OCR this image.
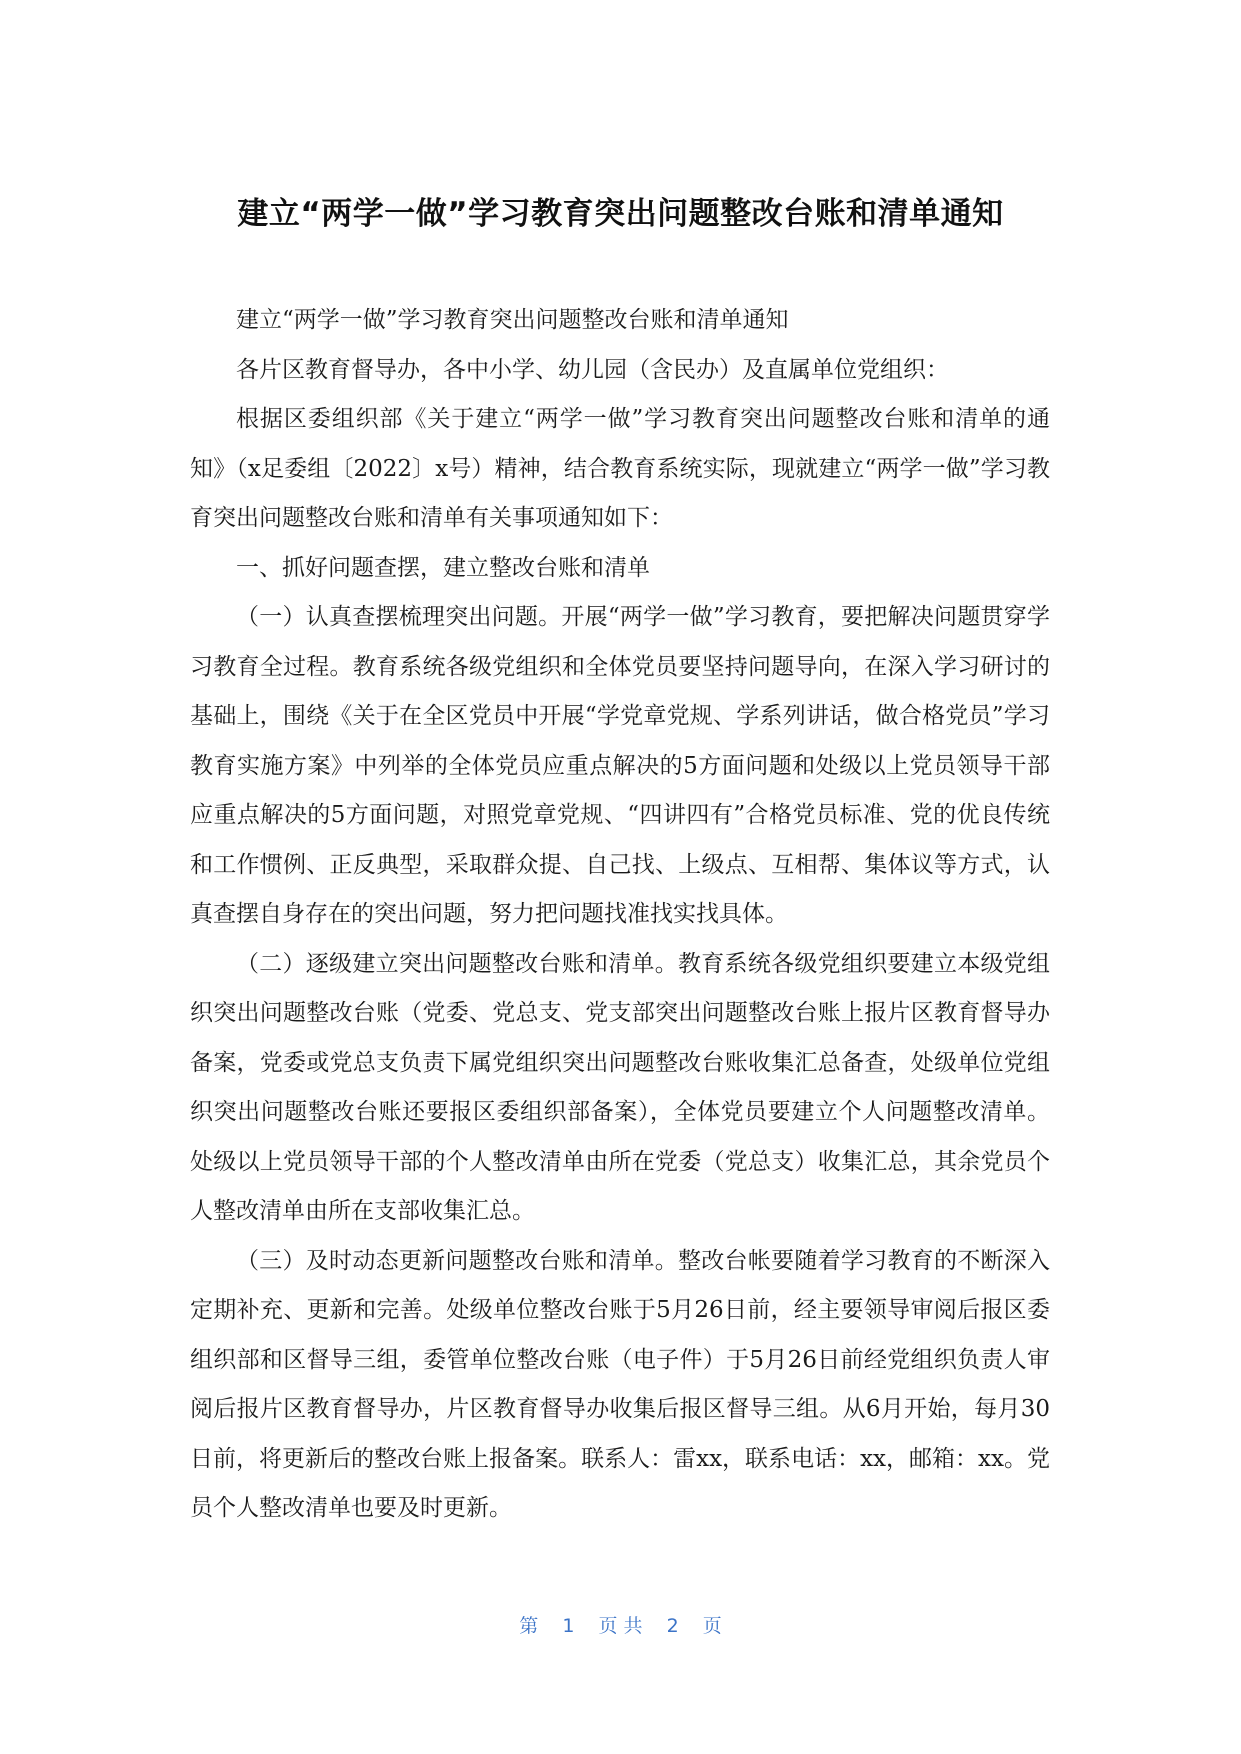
建立“两学一做”学习教育突出问题整改台账和清单通知

建立“两学一做”学习教育突出问题整改台账和清单通知

各片区教育督导办，各中小学、幼儿园（含民办）及直属单位党组织：

根据区委组织部《关于建立“两学一做”学习教育突出问题整改台账和清单的通知》（x足委组〔2022〕x号）精神，结合教育系统实际，现就建立“两学一做”学习教育突出问题整改台账和清单有关事项通知如下：

一、抓好问题查摆，建立整改台账和清单

（一）认真查摆梳理突出问题。开展“两学一做”学习教育，要把解决问题贯穿学习教育全过程。教育系统各级党组织和全体党员要坚持问题导向，在深入学习研讨的基础上，围绕《关于在全区党员中开展“学党章党规、学系列讲话，做合格党员”学习教育实施方案》中列举的全体党员应重点解决的5方面问题和处级以上党员领导干部应重点解决的5方面问题，对照党章党规、“四讲四有”合格党员标准、党的优良传统和工作惯例、正反典型，采取群众提、自己找、上级点、互相帮、集体议等方式，认真查摆自身存在的突出问题，努力把问题找准找实找具体。

（二）逐级建立突出问题整改台账和清单。教育系统各级党组织要建立本级党组织突出问题整改台账（党委、党总支、党支部突出问题整改台账上报片区教育督导办备案，党委或党总支负责下属党组织突出问题整改台账收集汇总备查，处级单位党组织突出问题整改台账还要报区委组织部备案），全体党员要建立个人问题整改清单。处级以上党员领导干部的个人整改清单由所在党委（党总支）收集汇总，其余党员个人整改清单由所在支部收集汇总。

（三）及时动态更新问题整改台账和清单。整改台帐要随着学习教育的不断深入定期补充、更新和完善。处级单位整改台账于5月26日前，经主要领导审阅后报区委组织部和区督导三组，委管单位整改台账（电子件）于5月26日前经党组织负责人审阅后报片区教育督导办，片区教育督导办收集后报区督导三组。从6月开始，每月30日前，将更新后的整改台账上报备案。联系人：雷xx，联系电话：xx，邮箱：xx。党员个人整改清单也要及时更新。

第 1 页 共 2 页
